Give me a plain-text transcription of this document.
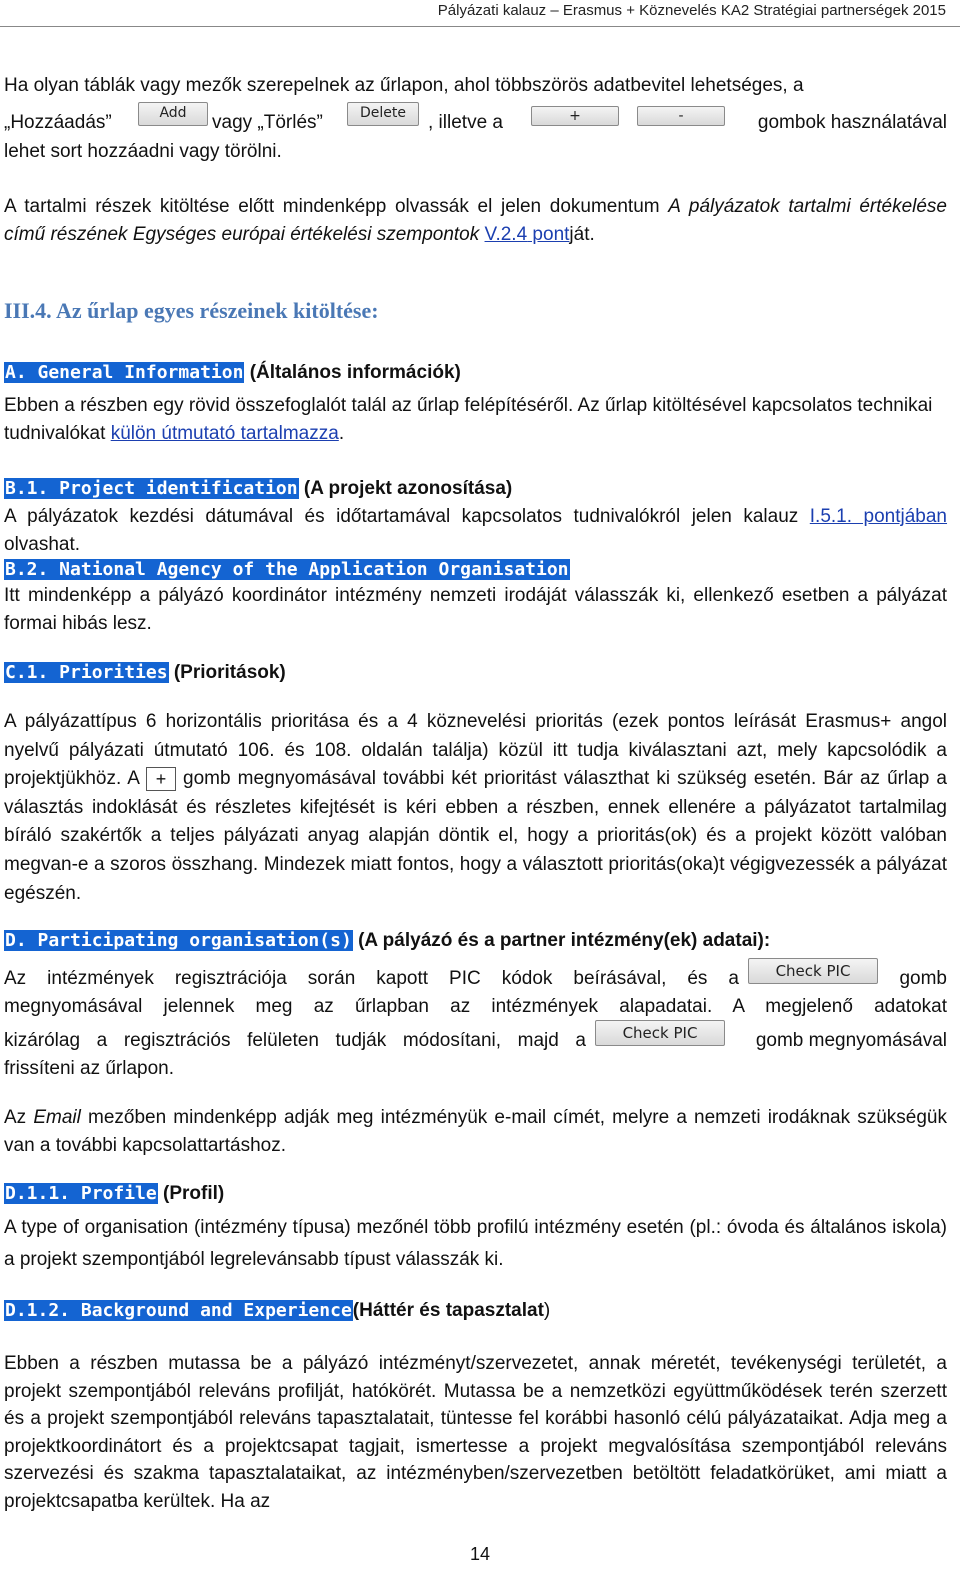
Pályázati kalauz – Erasmus + Köznevelés KA2 Stratégiai partnerségek 2015
Ha olyan táblák vagy mezők szerepelnek az űrlapon, ahol többszörös adatbevitel lehetséges, a
„Hozzáadás”	Add	vagy „Törlés”	Delete	, illetve a	+	-	gombok használatával
lehet sort hozzáadni vagy törölni.
A tartalmi részek kitöltése előtt mindenképp olvassák el jelen dokumentum A pályázatok tartalmi értékelése című részének Egységes európai értékelési szempontok V.2.4 pontját.
III.4. Az űrlap egyes részeinek kitöltése:
A. General Information (Általános információk)
Ebben a részben egy rövid összefoglalót talál az űrlap felépítéséről. Az űrlap kitöltésével kapcsolatos technikai tudnivalókat külön útmutató tartalmazza.
B.1. Project identification (A projekt azonosítása)
A pályázatok kezdési dátumával és időtartamával kapcsolatos tudnivalókról jelen kalauz I.5.1. pontjában olvashat.
B.2. National Agency of the Application Organisation
Itt mindenképp a pályázó koordinátor intézmény nemzeti irodáját válasszák ki, ellenkező esetben a pályázat formai hibás lesz.
C.1. Priorities (Prioritások)
A pályázattípus 6 horizontális prioritása és a 4 köznevelési prioritás (ezek pontos leírását Erasmus+ angol nyelvű pályázati útmutató 106. és 108. oldalán találja) közül itt tudja kiválasztani azt, mely kapcsolódik a projektjükhöz. A + gomb megnyomásával további két prioritást választhat ki szükség esetén. Bár az űrlap a választás indoklását és részletes kifejtését is kéri ebben a részben, ennek ellenére a pályázatot tartalmilag bíráló szakértők a teljes pályázati anyag alapján döntik el, hogy a prioritás(ok) és a projekt között valóban megvan-e a szoros összhang. Mindezek miatt fontos, hogy a választott prioritás(oka)t végigvezessék a pályázat egészén.
D. Participating organisation(s) (A pályázó és a partner intézmény(ek) adatai):
Az intézmények regisztrációja során kapott PIC kódok beírásával, és a	Check PIC	gomb
megnyomásával jelennek meg az űrlapban az intézmények alapadatai. A megjelenő adatokat
kizárólag a regisztrációs felületen tudják módosítani, majd a	Check PIC	gomb megnyomásával
frissíteni az űrlapon.
Az Email mezőben mindenképp adják meg intézményük e-mail címét, melyre a nemzeti irodáknak szükségük van a további kapcsolattartáshoz.
D.1.1. Profile (Profil)
A type of organisation (intézmény típusa) mezőnél több profilú intézmény esetén (pl.: óvoda és általános iskola) a projekt szempontjából legrelevánsabb típust válasszák ki.
D.1.2. Background and Experience(Háttér és tapasztalat)
Ebben a részben mutassa be a pályázó intézményt/szervezetet, annak méretét, tevékenységi területét, a projekt szempontjából releváns profilját, hatókörét. Mutassa be a nemzetközi együttműködések terén szerzett és a projekt szempontjából releváns tapasztalatait, tüntesse fel korábbi hasonló célú pályázataikat. Adja meg a projektkoordinátort és a projektcsapat tagjait, ismertesse a projekt megvalósítása szempontjából releváns szervezési és szakma tapasztalataikat, az intézményben/szervezetben betöltött feladatkörüket, ami miatt a projektcsapatba kerültek. Ha az
14
